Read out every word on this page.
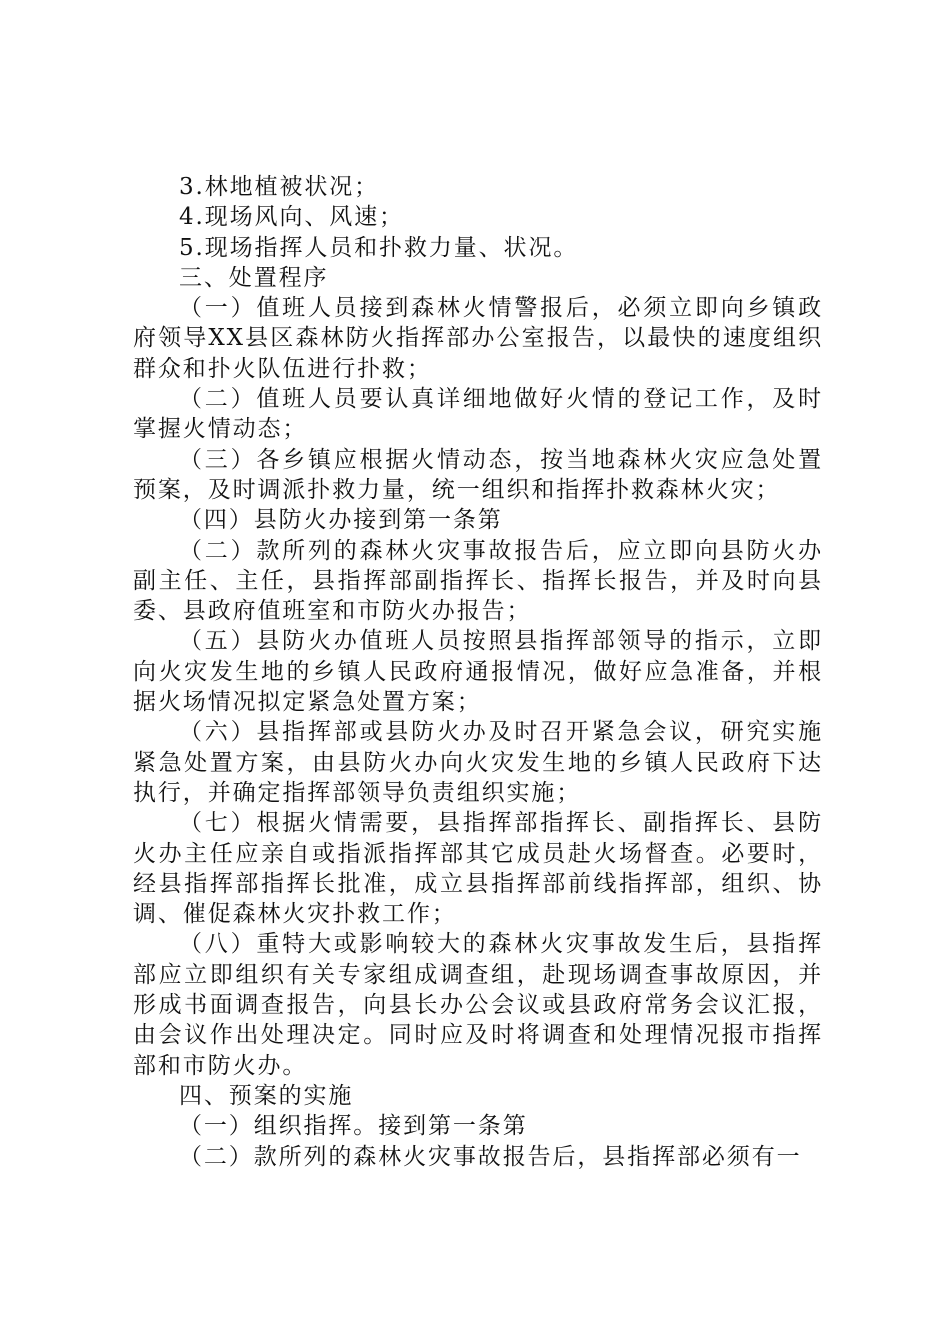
3.林地植被状况；

4.现场风向、风速；

5.现场指挥人员和扑救力量、状况。

三、处置程序

（一）值班人员接到森林火情警报后，必须立即向乡镇政府领导XX县区森林防火指挥部办公室报告，以最快的速度组织群众和扑火队伍进行扑救；

（二）值班人员要认真详细地做好火情的登记工作，及时掌握火情动态；

（三）各乡镇应根据火情动态，按当地森林火灾应急处置预案，及时调派扑救力量，统一组织和指挥扑救森林火灾；

（四）县防火办接到第一条第

（二）款所列的森林火灾事故报告后，应立即向县防火办副主任、主任，县指挥部副指挥长、指挥长报告，并及时向县委、县政府值班室和市防火办报告；

（五）县防火办值班人员按照县指挥部领导的指示，立即向火灾发生地的乡镇人民政府通报情况，做好应急准备，并根据火场情况拟定紧急处置方案；

（六）县指挥部或县防火办及时召开紧急会议，研究实施紧急处置方案，由县防火办向火灾发生地的乡镇人民政府下达执行，并确定指挥部领导负责组织实施；

（七）根据火情需要，县指挥部指挥长、副指挥长、县防火办主任应亲自或指派指挥部其它成员赴火场督查。必要时，经县指挥部指挥长批准，成立县指挥部前线指挥部，组织、协调、催促森林火灾扑救工作；

（八）重特大或影响较大的森林火灾事故发生后，县指挥部应立即组织有关专家组成调查组，赴现场调查事故原因，并形成书面调查报告，向县长办公会议或县政府常务会议汇报，由会议作出处理决定。同时应及时将调查和处理情况报市指挥部和市防火办。

四、预案的实施

（一）组织指挥。接到第一条第

（二）款所列的森林火灾事故报告后，县指挥部必须有一
